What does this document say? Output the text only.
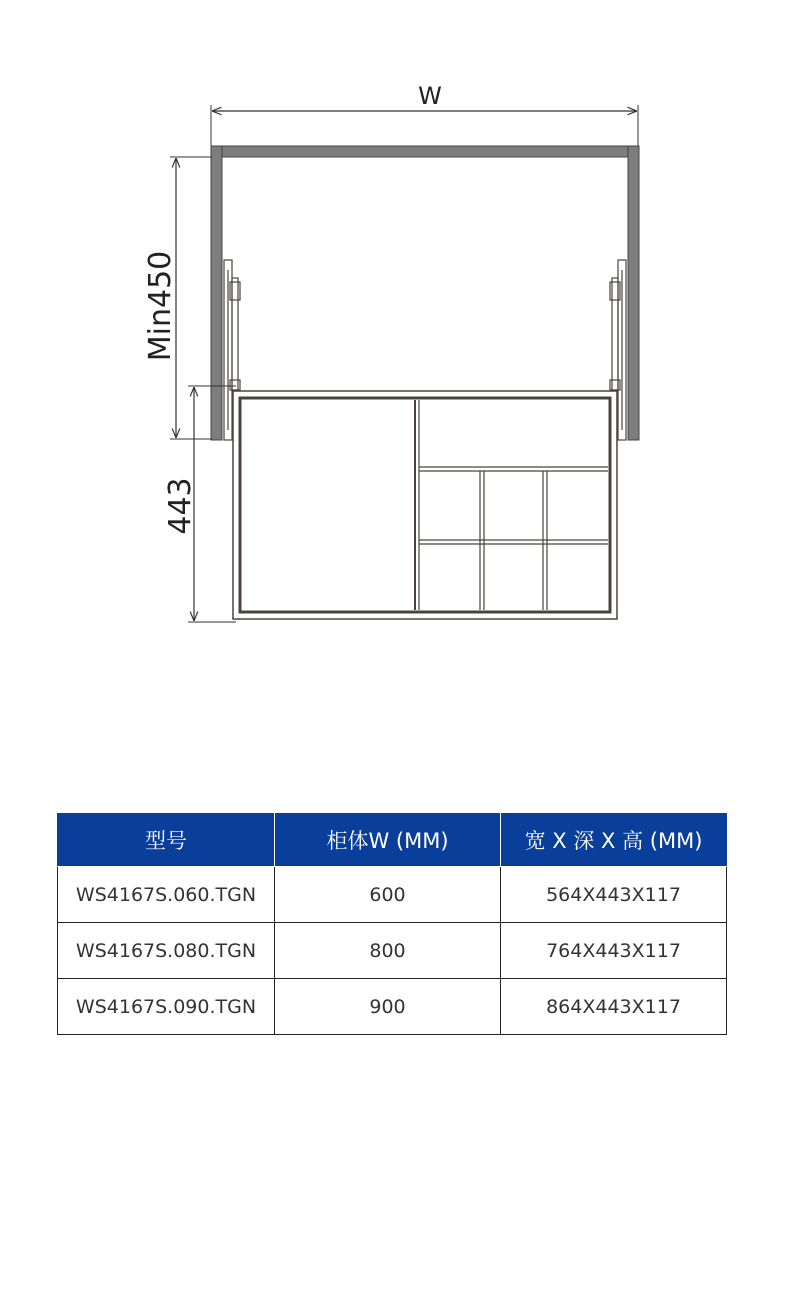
W
Min450
443
型号	柜体W (MM)	宽 X 深 X 高 (MM)
WS4167S.060.TGN	600	564X443X117
WS4167S.080.TGN	800	764X443X117
WS4167S.090.TGN	900	864X443X117
